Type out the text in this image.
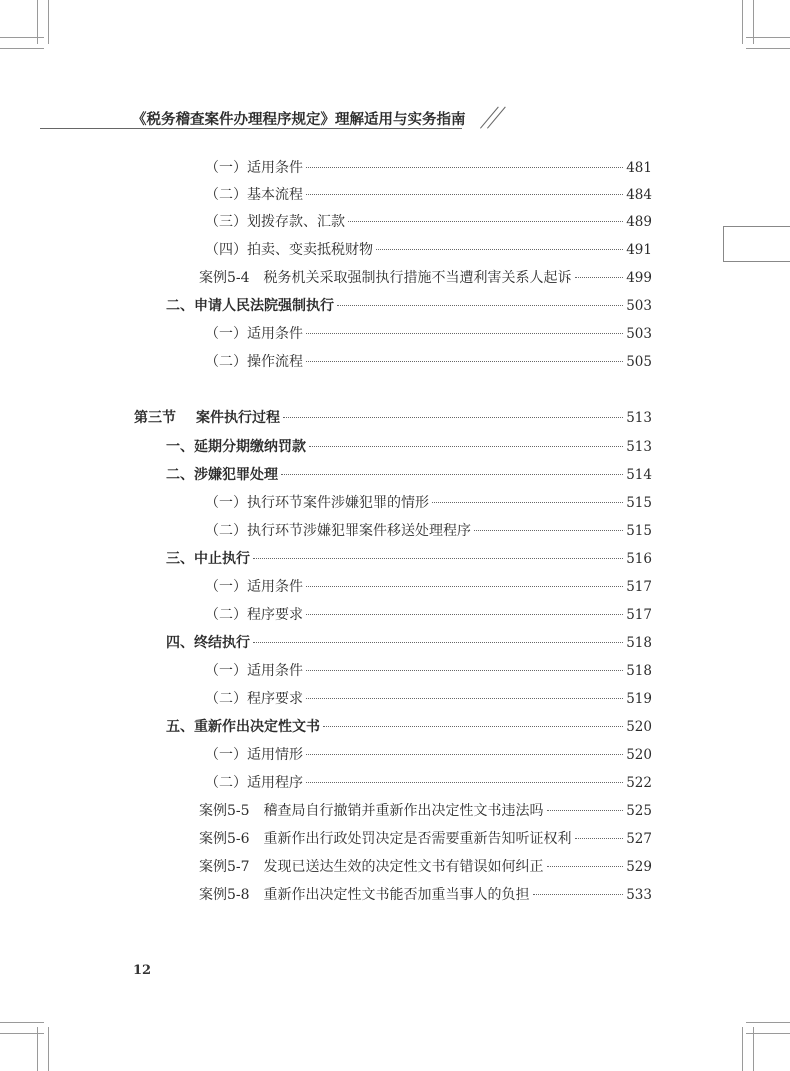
《税务稽查案件办理程序规定》理解适用与实务指南
（一）适用条件	481
（二）基本流程	484
（三）划拨存款、汇款	489
（四）拍卖、变卖抵税财物	491
案例5-4 税务机关采取强制执行措施不当遭利害关系人起诉	499
二、申请人民法院强制执行	503
（一）适用条件	503
（二）操作流程	505
第三节 案件执行过程	513
一、延期分期缴纳罚款	513
二、涉嫌犯罪处理	514
（一）执行环节案件涉嫌犯罪的情形	515
（二）执行环节涉嫌犯罪案件移送处理程序	515
三、中止执行	516
（一）适用条件	517
（二）程序要求	517
四、终结执行	518
（一）适用条件	518
（二）程序要求	519
五、重新作出决定性文书	520
（一）适用情形	520
（二）适用程序	522
案例5-5 稽查局自行撤销并重新作出决定性文书违法吗	525
案例5-6 重新作出行政处罚决定是否需要重新告知听证权利	527
案例5-7 发现已送达生效的决定性文书有错误如何纠正	529
案例5-8 重新作出决定性文书能否加重当事人的负担	533
12
